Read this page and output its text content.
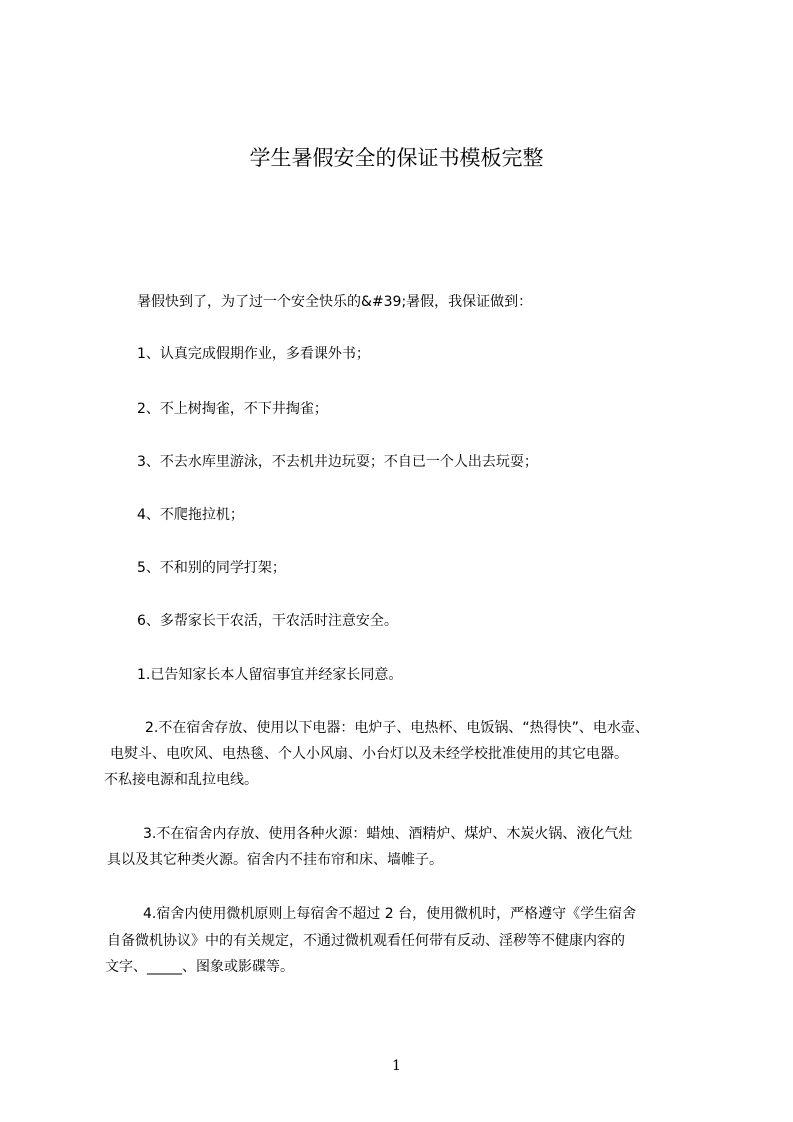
学生暑假安全的保证书模板完整
暑假快到了，为了过一个安全快乐的&#39;暑假，我保证做到：
1、认真完成假期作业，多看课外书；
2、不上树掏雀，不下井掏雀；
3、不去水库里游泳，不去机井边玩耍；不自已一个人出去玩耍；
4、不爬拖拉机；
5、不和别的同学打架；
6、多帮家长干农活，干农活时注意安全。
1.已告知家长本人留宿事宜并经家长同意。
2.不在宿舍存放、使用以下电器：电炉子、电热杯、电饭锅、“热得快”、电水壶、
电熨斗、电吹风、电热毯、个人小风扇、小台灯以及未经学校批准使用的其它电器。
不私接电源和乱拉电线。
3.不在宿舍内存放、使用各种火源：蜡烛、酒精炉、煤炉、木炭火锅、液化气灶
具以及其它种类火源。宿舍内不挂布帘和床、墙帷子。
4.宿舍内使用微机原则上每宿舍不超过 2 台，使用微机时，严格遵守《学生宿舍
自备微机协议》中的有关规定，不通过微机观看任何带有反动、淫秽等不健康内容的
文字、_____、图象或影碟等。
1
